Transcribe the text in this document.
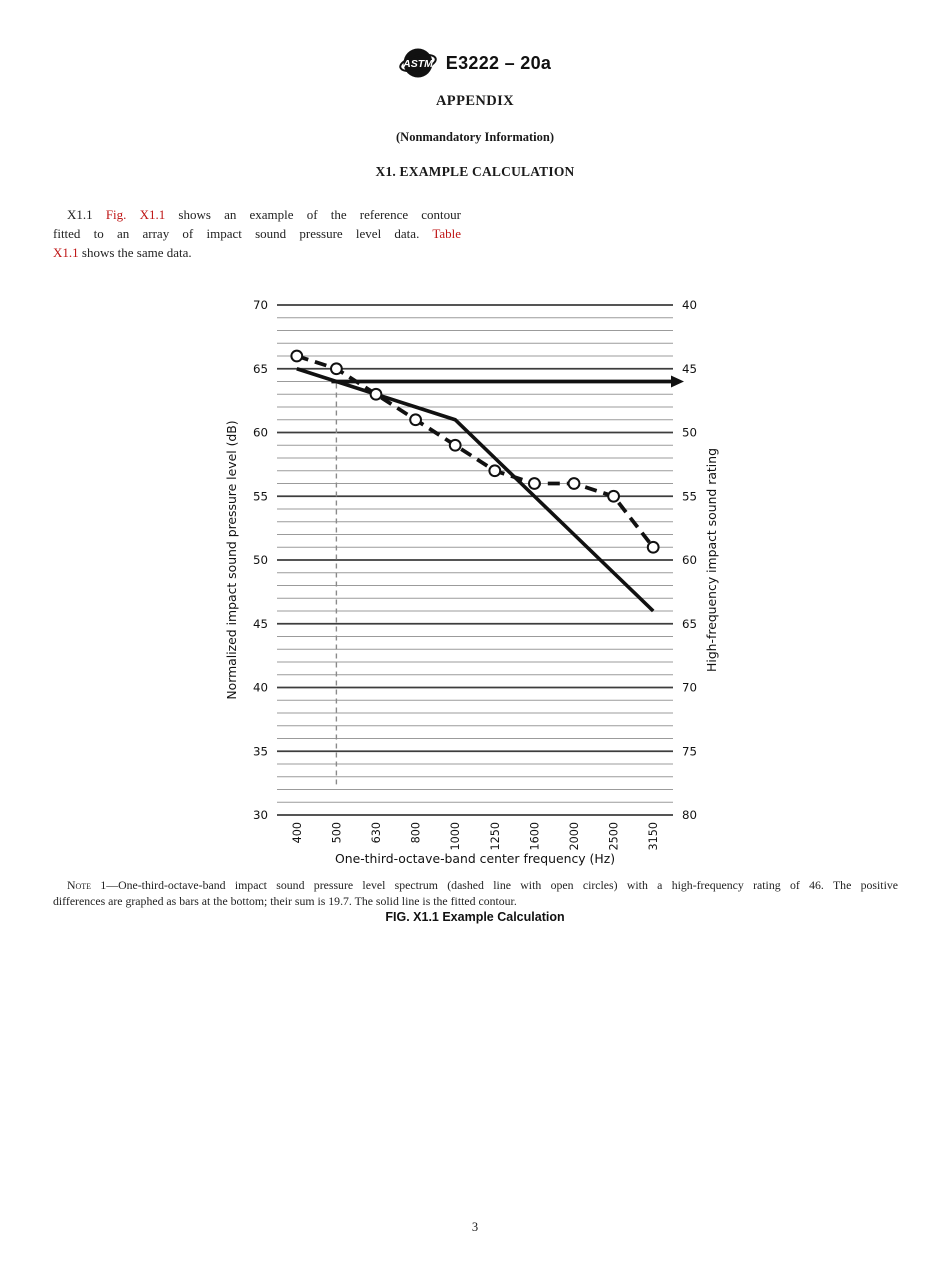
ASTM E3222 – 20a
APPENDIX
(Nonmandatory Information)
X1. EXAMPLE CALCULATION
X1.1 Fig. X1.1 shows an example of the reference contour
fitted to an array of impact sound pressure level data. Table
X1.1 shows the same data.
70	40
65	45
60	50
55	55
50	60
45	65
40	70
35	75
30	80
400 500 630 800 1000 1250 1600 2000 2500 3150
One-third-octave-band center frequency (Hz)
Normalized impact sound pressure level (dB)	High-frequency impact sound rating
Note 1—One-third-octave-band impact sound pressure level spectrum (dashed line with open circles) with a high-frequency rating of 46. The positive
differences are graphed as bars at the bottom; their sum is 19.7. The solid line is the fitted contour.
FIG. X1.1 Example Calculation
3
